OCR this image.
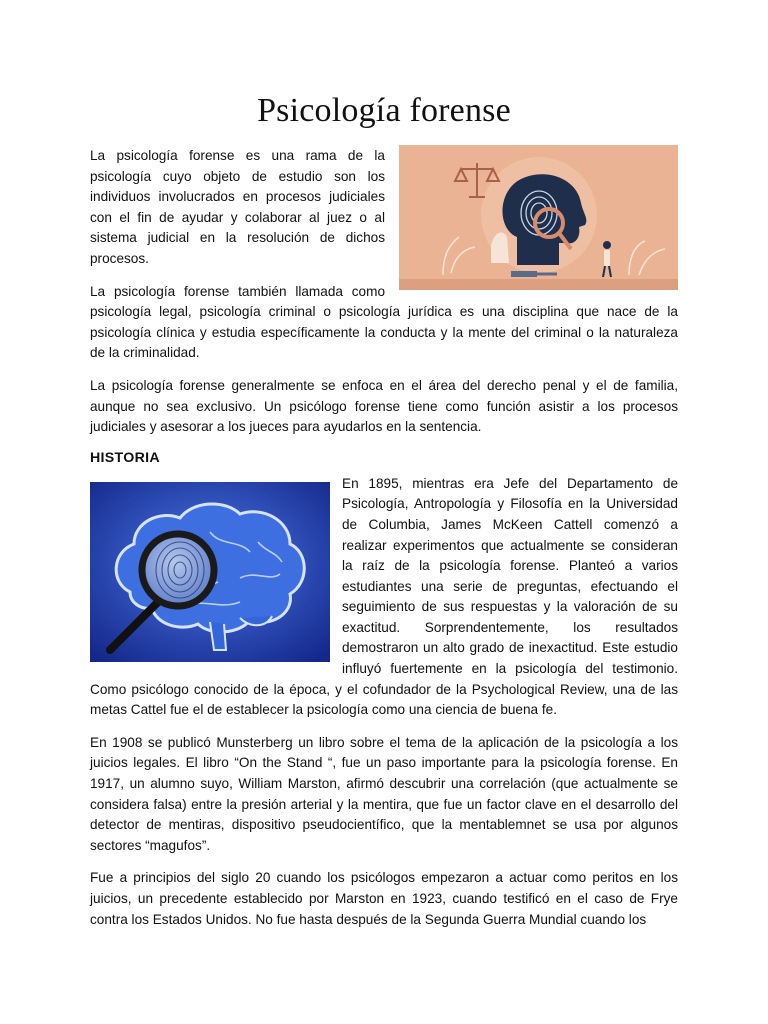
Psicología forense

La psicología forense es una rama de la psicología cuyo objeto de estudio son los individuos involucrados en procesos judiciales con el fin de ayudar y colaborar al juez o al sistema judicial en la resolución de dichos procesos.

La psicología forense también llamada como psicología legal, psicología criminal o psicología jurídica es una disciplina que nace de la psicología clínica y estudia específicamente la conducta y la mente del criminal o la naturaleza de la criminalidad.

La psicología forense generalmente se enfoca en el área del derecho penal y el de familia, aunque no sea exclusivo. Un psicólogo forense tiene como función asistir a los procesos judiciales y asesorar a los jueces para ayudarlos en la sentencia.

HISTORIA

En 1895, mientras era Jefe del Departamento de Psicología, Antropología y Filosofía en la Universidad de Columbia, James McKeen Cattell comenzó a realizar experimentos que actualmente se consideran la raíz de la psicología forense. Planteó a varios estudiantes una serie de preguntas, efectuando el seguimiento de sus respuestas y la valoración de su exactitud. Sorprendentemente, los resultados demostraron un alto grado de inexactitud. Este estudio influyó fuertemente en la psicología del testimonio. Como psicólogo conocido de la época, y el cofundador de la Psychological Review, una de las metas Cattel fue el de establecer la psicología como una ciencia de buena fe.

En 1908 se publicó Munsterberg un libro sobre el tema de la aplicación de la psicología a los juicios legales. El libro “On the Stand “, fue un paso importante para la psicología forense. En 1917, un alumno suyo, William Marston, afirmó descubrir una correlación (que actualmente se considera falsa) entre la presión arterial y la mentira, que fue un factor clave en el desarrollo del detector de mentiras, dispositivo pseudocientífico, que la mentablemnet se usa por algunos sectores “magufos”.

Fue a principios del siglo 20 cuando los psicólogos empezaron a actuar como peritos en los juicios, un precedente establecido por Marston en 1923, cuando testificó en el caso de Frye contra los Estados Unidos. No fue hasta después de la Segunda Guerra Mundial cuando los
